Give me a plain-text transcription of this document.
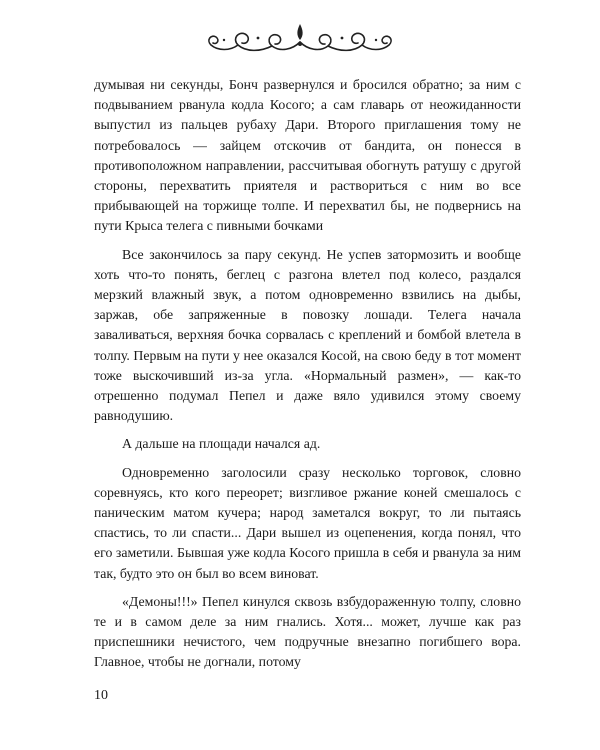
думывая ни секунды, Бонч развернулся и бросился обратно; за ним с подвыванием рванула кодла Косого; а сам главарь от неожиданности выпустил из пальцев рубаху Дари. Второго приглашения тому не потребовалось — зайцем отскочив от бандита, он понесся в противоположном направлении, рассчитывая обогнуть ратушу с другой стороны, перехватить приятеля и раствориться с ним во все прибывающей на торжище толпе. И перехватил бы, не подвернись на пути Крыса телега с пивными бочками

Все закончилось за пару секунд. Не успев затормозить и вообще хоть что-то понять, беглец с разгона влетел под колесо, раздался мерзкий влажный звук, а потом одновременно взвились на дыбы, заржав, обе запряженные в повозку лошади. Телега начала заваливаться, верхняя бочка сорвалась с креплений и бомбой влетела в толпу. Первым на пути у нее оказался Косой, на свою беду в тот момент тоже выскочивший из-за угла. «Нормальный размен», — как-то отрешенно подумал Пепел и даже вяло удивился этому своему равнодушию.

А дальше на площади начался ад.

Одновременно заголосили сразу несколько торговок, словно соревнуясь, кто кого переорет; визгливое ржание коней смешалось с паническим матом кучера; народ заметался вокруг, то ли пытаясь спастись, то ли спасти... Дари вышел из оцепенения, когда понял, что его заметили. Бывшая уже кодла Косого пришла в себя и рванула за ним так, будто это он был во всем виноват.

«Демоны!!!» Пепел кинулся сквозь взбудораженную толпу, словно те и в самом деле за ним гнались. Хотя... может, лучше как раз приспешники нечистого, чем подручные внезапно погибшего вора. Главное, чтобы не догнали, потому

10
